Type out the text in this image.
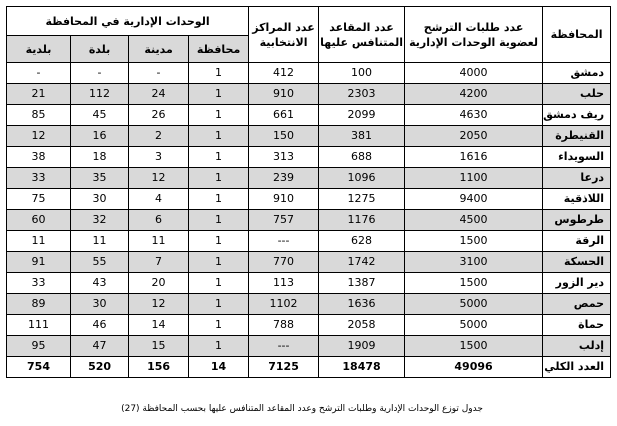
المحافظة	عدد طلبات الترشح لعضوية الوحدات الإدارية	عدد المقاعد المتنافس عليها	عدد المراكز الانتخابية	الوحدات الإدارية في المحافظة			
				محافظة	مدينة	بلدة	بلدية
دمشق	4000	100	412	1	-	-	-
حلب	4200	2303	910	1	24	112	21
ريف دمشق	4630	2099	661	1	26	45	85
القنيطرة	2050	381	150	1	2	16	12
السويداء	1616	688	313	1	3	18	38
درعا	1100	1096	239	1	12	35	33
اللاذقية	9400	1275	910	1	4	30	75
طرطوس	4500	1176	757	1	6	32	60
الرقة	1500	628	---	1	11	11	11
الحسكة	3100	1742	770	1	7	55	91
دير الزور	1500	1387	113	1	20	43	33
حمص	5000	1636	1102	1	12	30	89
حماة	5000	2058	788	1	14	46	111
إدلب	1500	1909	---	1	15	47	95
العدد الكلي	49096	18478	7125	14	156	520	754
جدول توزع الوحدات الإدارية وطلبات الترشح وعدد المقاعد المتنافس عليها بحسب المحافظة (27)
